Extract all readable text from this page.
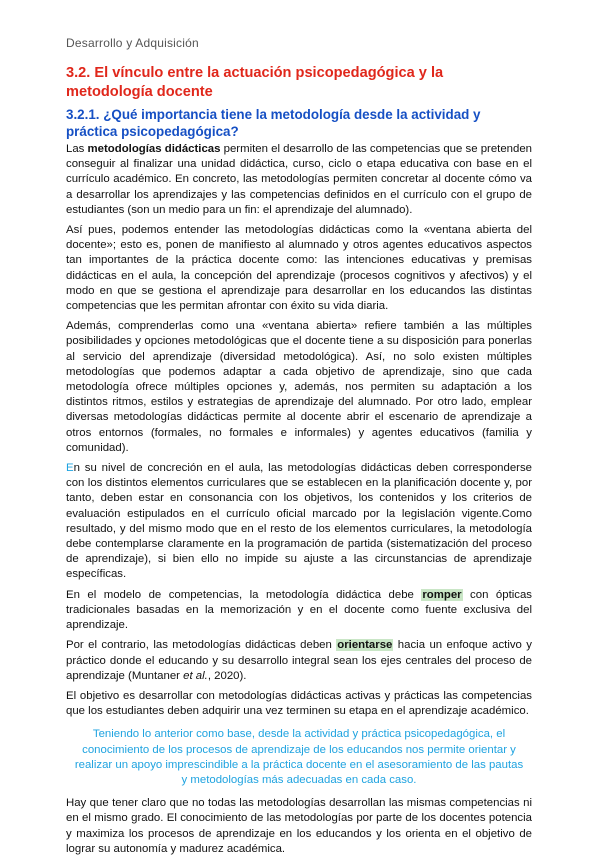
Desarrollo y Adquisición
3.2. El vínculo entre la actuación psicopedagógica y la metodología docente
3.2.1. ¿Qué importancia tiene la metodología desde la actividad y práctica psicopedagógica?

Las metodologías didácticas permiten el desarrollo de las competencias que se pretenden conseguir al finalizar una unidad didáctica, curso, ciclo o etapa educativa con base en el currículo académico. En concreto, las metodologías permiten concretar al docente cómo va a desarrollar los aprendizajes y las competencias definidos en el currículo con el grupo de estudiantes (son un medio para un fin: el aprendizaje del alumnado).

Así pues, podemos entender las metodologías didácticas como la «ventana abierta del docente»; esto es, ponen de manifiesto al alumnado y otros agentes educativos aspectos tan importantes de la práctica docente como: las intenciones educativas y premisas didácticas en el aula, la concepción del aprendizaje (procesos cognitivos y afectivos) y el modo en que se gestiona el aprendizaje para desarrollar en los educandos las distintas competencias que les permitan afrontar con éxito su vida diaria.

Además, comprenderlas como una «ventana abierta» refiere también a las múltiples posibilidades y opciones metodológicas que el docente tiene a su disposición para ponerlas al servicio del aprendizaje (diversidad metodológica). Así, no solo existen múltiples metodologías que podemos adaptar a cada objetivo de aprendizaje, sino que cada metodología ofrece múltiples opciones y, además, nos permiten su adaptación a los distintos ritmos, estilos y estrategias de aprendizaje del alumnado. Por otro lado, emplear diversas metodologías didácticas permite al docente abrir el escenario de aprendizaje a otros entornos (formales, no formales e informales) y agentes educativos (familia y comunidad).

En su nivel de concreción en el aula, las metodologías didácticas deben corresponderse con los distintos elementos curriculares que se establecen en la planificación docente y, por tanto, deben estar en consonancia con los objetivos, los contenidos y los criterios de evaluación estipulados en el currículo oficial marcado por la legislación vigente.Como resultado, y del mismo modo que en el resto de los elementos curriculares, la metodología debe contemplarse claramente en la programación de partida (sistematización del proceso de aprendizaje), si bien ello no impide su ajuste a las circunstancias de aprendizaje específicas.

En el modelo de competencias, la metodología didáctica debe romper con ópticas tradicionales basadas en la memorización y en el docente como fuente exclusiva del aprendizaje.

Por el contrario, las metodologías didácticas deben orientarse hacia un enfoque activo y práctico donde el educando y su desarrollo integral sean los ejes centrales del proceso de aprendizaje (Muntaner et al., 2020).

El objetivo es desarrollar con metodologías didácticas activas y prácticas las competencias que los estudiantes deben adquirir una vez terminen su etapa en el aprendizaje académico.

Teniendo lo anterior como base, desde la actividad y práctica psicopedagógica, el conocimiento de los procesos de aprendizaje de los educandos nos permite orientar y realizar un apoyo imprescindible a la práctica docente en el asesoramiento de las pautas y metodologías más adecuadas en cada caso.

Hay que tener claro que no todas las metodologías desarrollan las mismas competencias ni en el mismo grado. El conocimiento de las metodologías por parte de los docentes potencia y maximiza los procesos de aprendizaje en los educandos y los orienta en el objetivo de lograr su autonomía y madurez académica.
